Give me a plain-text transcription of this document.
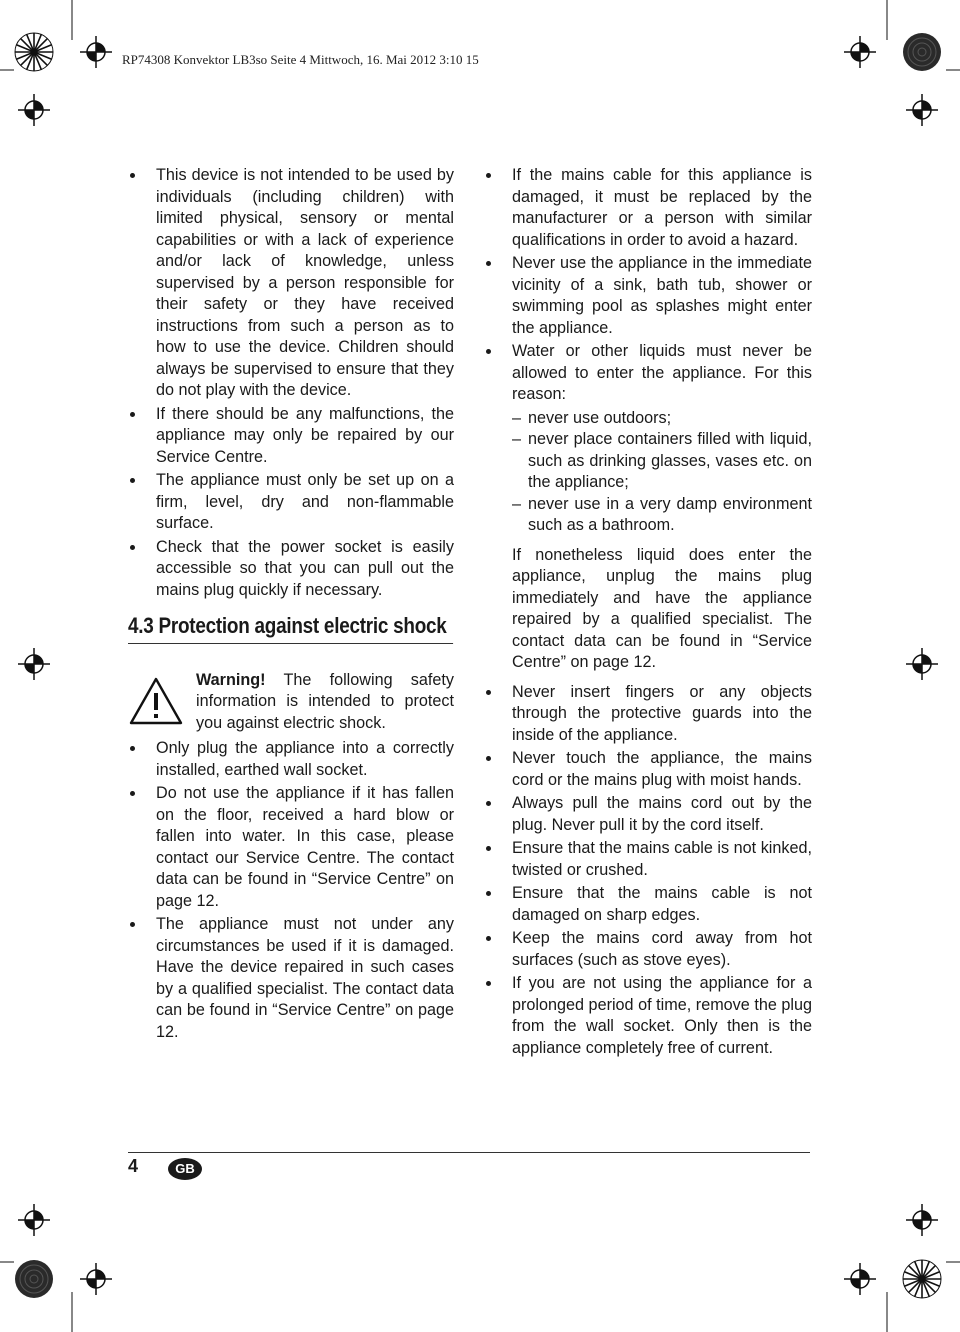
RP74308 Konvektor LB3so Seite 4 Mittwoch, 16. Mai 2012 3:10 15

This device is not intended to be used by individuals (including children) with limited physical, sensory or mental capabilities or with a lack of experience and/or lack of knowledge, unless supervised by a person responsible for their safety or they have received instructions from such a person as to how to use the device. Children should always be supervised to ensure that they do not play with the device.

If there should be any malfunctions, the appliance may only be repaired by our Service Centre.

The appliance must only be set up on a firm, level, dry and non-flammable surface.

Check that the power socket is easily accessible so that you can pull out the mains plug quickly if necessary.

4.3 Protection against electric shock
Warning! The following safety information is intended to protect you against electric shock.

Only plug the appliance into a correctly installed, earthed wall socket.

Do not use the appliance if it has fallen on the floor, received a hard blow or fallen into water. In this case, please contact our Service Centre. The contact data can be found in “Service Centre” on page 12.

The appliance must not under any circumstances be used if it is damaged. Have the device repaired in such cases by a qualified specialist. The contact data can be found in “Service Centre” on page 12.

If the mains cable for this appliance is damaged, it must be replaced by the manufacturer or a person with similar qualifications in order to avoid a hazard.

Never use the appliance in the immediate vicinity of a sink, bath tub, shower or swimming pool as splashes might enter the appliance.

Water or other liquids must never be allowed to enter the appliance. For this reason:

– never use outdoors;

– never place containers filled with liquid, such as drinking glasses, vases etc. on the appliance;

– never use in a very damp environment such as a bathroom.

If nonetheless liquid does enter the appliance, unplug the mains plug immediately and have the appliance repaired by a qualified specialist. The contact data can be found in “Service Centre” on page 12.

Never insert fingers or any objects through the protective guards into the inside of the appliance.

Never touch the appliance, the mains cord or the mains plug with moist hands.

Always pull the mains cord out by the plug. Never pull it by the cord itself.

Ensure that the mains cable is not kinked, twisted or crushed.

Ensure that the mains cable is not damaged on sharp edges.

Keep the mains cord away from hot surfaces (such as stove eyes).

If you are not using the appliance for a prolonged period of time, remove the plug from the wall socket. Only then is the appliance completely free of current.

4	GB
